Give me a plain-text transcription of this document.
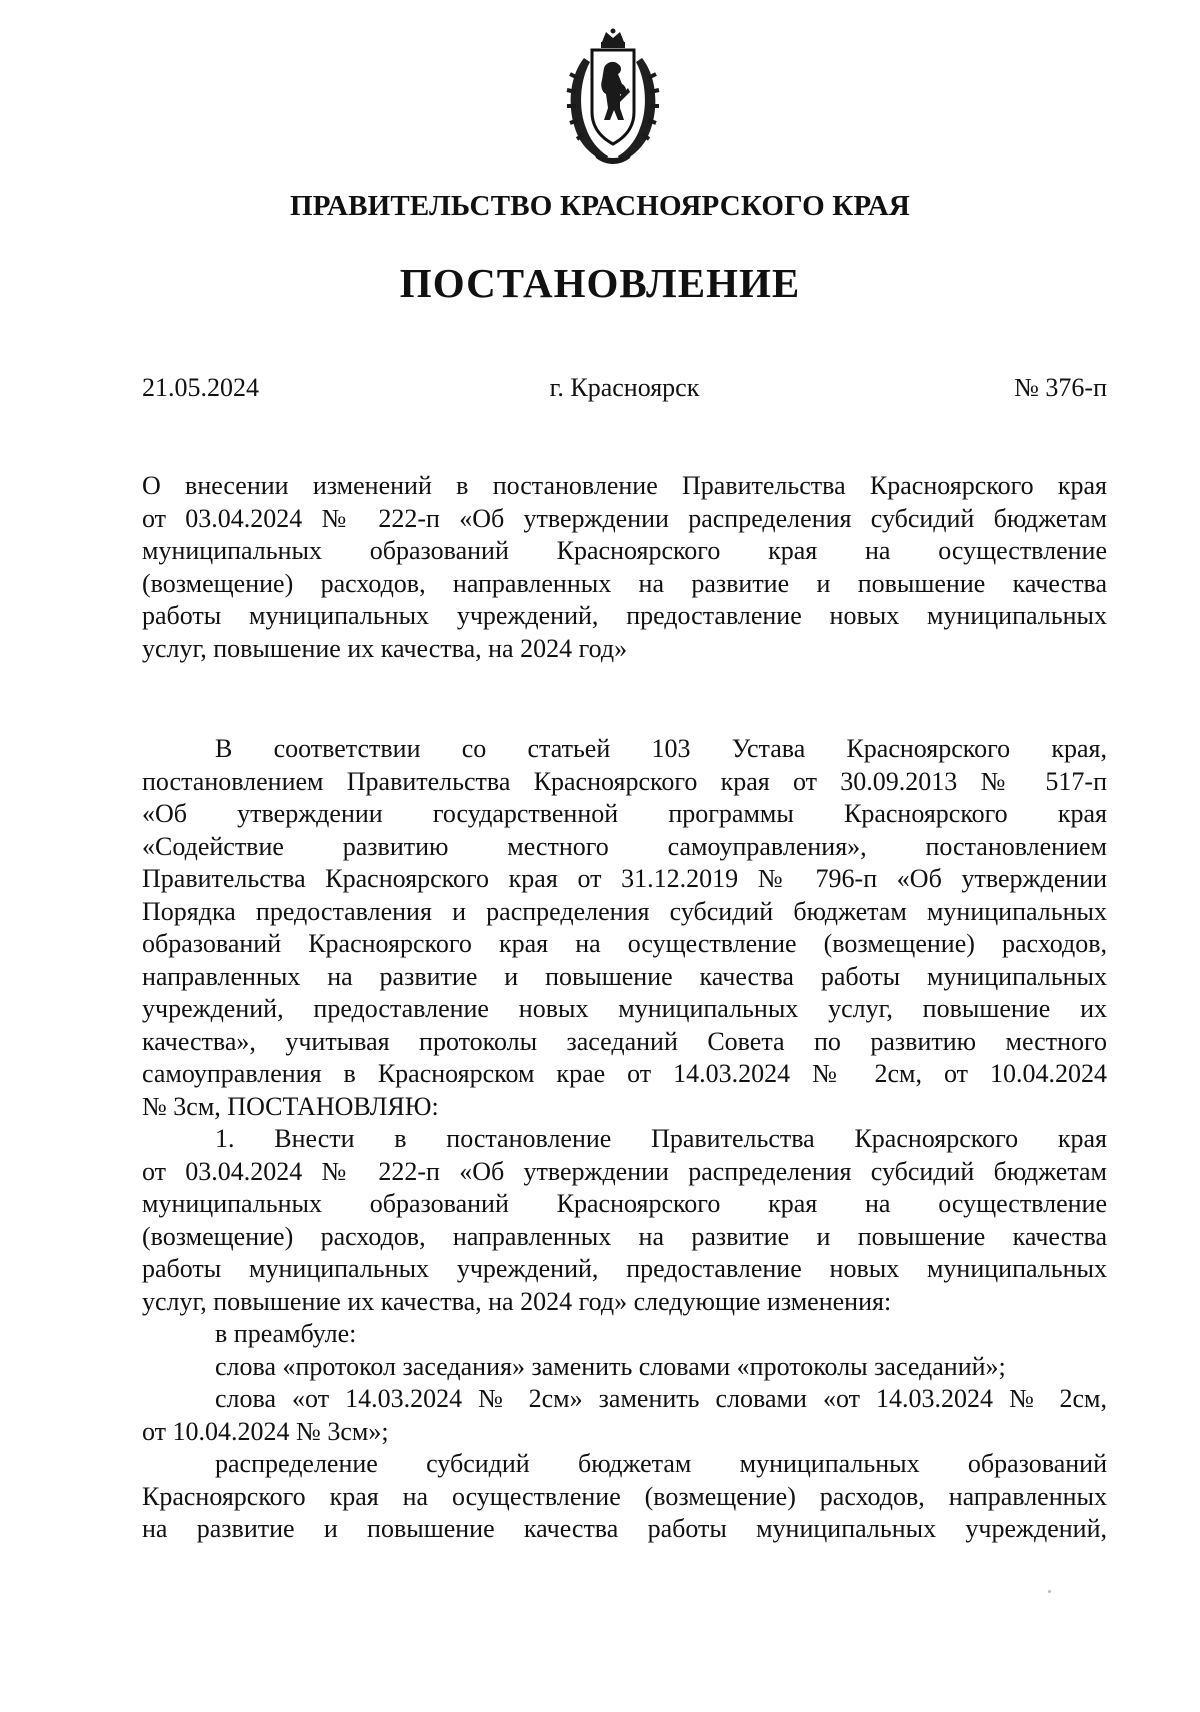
ПРАВИТЕЛЬСТВО КРАСНОЯРСКОГО КРАЯ
ПОСТАНОВЛЕНИЕ
г. Красноярск
21.05.2024	№ 376-п
О внесении изменений в постановление Правительства Красноярского края
от 03.04.2024 № 222-п «Об утверждении распределения субсидий бюджетам
муниципальных образований Красноярского края на осуществление
(возмещение) расходов, направленных на развитие и повышение качества
работы муниципальных учреждений, предоставление новых муниципальных
услуг, повышение их качества, на 2024 год»
В соответствии со статьей 103 Устава Красноярского края,
постановлением Правительства Красноярского края от 30.09.2013 № 517-п
«Об утверждении государственной программы Красноярского края
«Содействие развитию местного самоуправления», постановлением
Правительства Красноярского края от 31.12.2019 № 796-п «Об утверждении
Порядка предоставления и распределения субсидий бюджетам муниципальных
образований Красноярского края на осуществление (возмещение) расходов,
направленных на развитие и повышение качества работы муниципальных
учреждений, предоставление новых муниципальных услуг, повышение их
качества», учитывая протоколы заседаний Совета по развитию местного
самоуправления в Красноярском крае от 14.03.2024 № 2см, от 10.04.2024
№ 3см, ПОСТАНОВЛЯЮ:
1. Внести в постановление Правительства Красноярского края
от 03.04.2024 № 222-п «Об утверждении распределения субсидий бюджетам
муниципальных образований Красноярского края на осуществление
(возмещение) расходов, направленных на развитие и повышение качества
работы муниципальных учреждений, предоставление новых муниципальных
услуг, повышение их качества, на 2024 год» следующие изменения:
в преамбуле:
слова «протокол заседания» заменить словами «протоколы заседаний»;
слова «от 14.03.2024 № 2см» заменить словами «от 14.03.2024 № 2см,
от 10.04.2024 № 3см»;
распределение субсидий бюджетам муниципальных образований
Красноярского края на осуществление (возмещение) расходов, направленных
на развитие и повышение качества работы муниципальных учреждений,
